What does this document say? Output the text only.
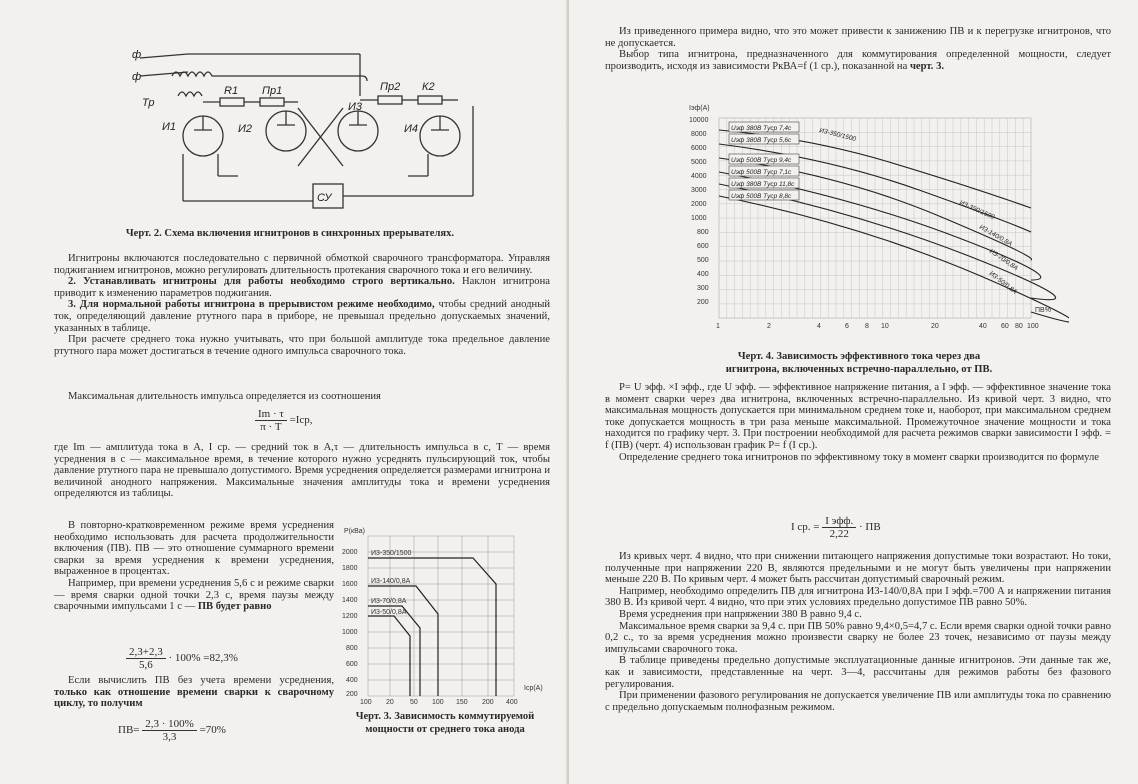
ф
ф
Тр
R1 Пр1
И1	И2
И3
И4
Пр2 К2
СУ
Черт. 2. Схема включения игнитронов в синхронных прерывателях.

Игнитроны включаются последовательно с первичной обмоткой сварочного трансформатора. Управляя поджиганием игнитронов, можно регулировать длительность протекания сварочного тока и его величину.

2. Устанавливать игнитроны для работы необходимо строго вертикально. Наклон игнитрона приводит к изменению параметров поджигания.

3. Для нормальной работы игнитрона в прерывистом режиме необходимо, чтобы средний анодный ток, определяющий давление ртутного пара в приборе, не превышал предельно допускаемых значений, указанных в таблице.

При расчете среднего тока нужно учитывать, что при большой амплитуде тока предельное давление ртутного пара может достигаться в течение одного импульса сварочного тока.

Максимальная длительность импульса определяется из соотношения

$\frac{Im \cdot \tau}{\pi \cdot T} =Icp$,

где Im — амплитуда тока в А, I ср. — средний ток в А,τ — длительность импульса в с, T — время усреднения в с — максимальное время, в течение которого нужно усреднять пульсирующий ток, чтобы давление ртутного пара не превышало допустимого. Время усреднения определяется размерами игнитрона и величиной анодного напряжения. Максимальные значения амплитуды тока и времени усреднения определяются из таблицы.

В повторно-кратковременном режиме время усреднения необходимо использовать для расчета продолжительности включения (ПВ). ПВ — это отношение суммарного времени сварки за время усреднения к времени усреднения, выраженное в процентах.

Например, при времени усреднения 5,6 с и режиме сварки — время сварки одной точки 2,3 с, время паузы между сварочными импульсами 1 с — ПВ будет равно

$\frac{2,3+2,3}{5,6} \cdot 100\% =82,3\%$

Если вычислить ПВ без учета времени усреднения, только как отношение времени сварки к сварочному циклу, то получим

$ПВ= \frac{2,3 \cdot 100\%}{3,3} =70\%$
Р(кВа)
Iср(А)
2000
1800
1600
1400
1200
1000
800
600
400
200
100 20 50 100 150 200 400
И3-350/1500
И3-140/0,8А
И3-70/0,8А
И3-50/0,8А
Черт. 3. Зависимость коммутируемой мощности от среднего тока анода

Из приведенного примера видно, что это может привести к занижению ПВ и к перегрузке игнитронов, что не допускается.

Выбор типа игнитрона, предназначенного для коммутирования определенной мощности, следует производить, исходя из зависимости PкВА=f (1 ср.), показанной на черт. 3.

Iэф(А)
ПВ%
10000
8000
6000
5000
4000
3000
2000
1000
800
600
500
400
300
200
1	2	4	6 8 10	20	40 60 80 100
Uэф 380В Tуср 7,4с
Uэф 380В Tуср 5,6с
Uэф 500В Tуср 9,4с
Uэф 500В Tуср 7,1с
Uэф 380В Tуср 11,8с
Uэф 500В Tуср 8,8с
И3-350/1500
И3-350/1500
И3-140/0,8А
И3-70/0,8А
И3-50/0,8А
Черт. 4. Зависимость эффективного тока через два
игнитрона, включенных встречно-параллельно, от ПВ.

P= U эфф. ×I эфф., где U эфф. — эффективное напряжение питания, а I эфф. — эффективное значение тока в момент сварки через два игнитрона, включенных встречно-параллельно. Из кривой черт. 3 видно, что максимальная мощность допускается при минимальном среднем токе и, наоборот, при максимальном среднем токе допускается мощность в три раза меньше максимальной. Промежуточное значение мощности и тока находится по графику черт. 3. При построении необходимой для расчета режимов сварки зависимости I эфф. = f (ПВ) (черт. 4) использован график P= f (I ср.).

Определение среднего тока игнитронов по эффективному току в момент сварки производится по формуле

I ср. = $\frac{\text{I эфф.}}{2,22}$ · ПВ

Из кривых черт. 4 видно, что при снижении питающего напряжения допустимые токи возрастают. Но токи, полученные при напряжении 220 В, являются предельными и не могут быть увеличены при напряжении меньше 220 В. По кривым черт. 4 может быть рассчитан допустимый сварочный режим.

Например, необходимо определить ПВ для игнитрона И3-140/0,8А при I эфф.=700 А и напряжении питания 380 В. Из кривой черт. 4 видно, что при этих условиях предельно допустимое ПВ равно 50%.

Время усреднения при напряжении 380 В равно 9,4 с.

Максимальное время сварки за 9,4 с. при ПВ 50% равно 9,4×0,5=4,7 с. Если время сварки одной точки равно 0,2 с., то за время усреднения можно произвести сварку не более 23 точек, независимо от паузы между импульсами сварочного тока.

В таблице приведены предельно допустимые эксплуатационные данные игнитронов. Эти данные так же, как и зависимости, представленные на черт. 3—4, рассчитаны для режимов работы без фазового регулирования.

При применении фазового регулирования не допускается увеличение ПВ или амплитуды тока по сравнению с предельно допускаемым полнофазным режимом.
